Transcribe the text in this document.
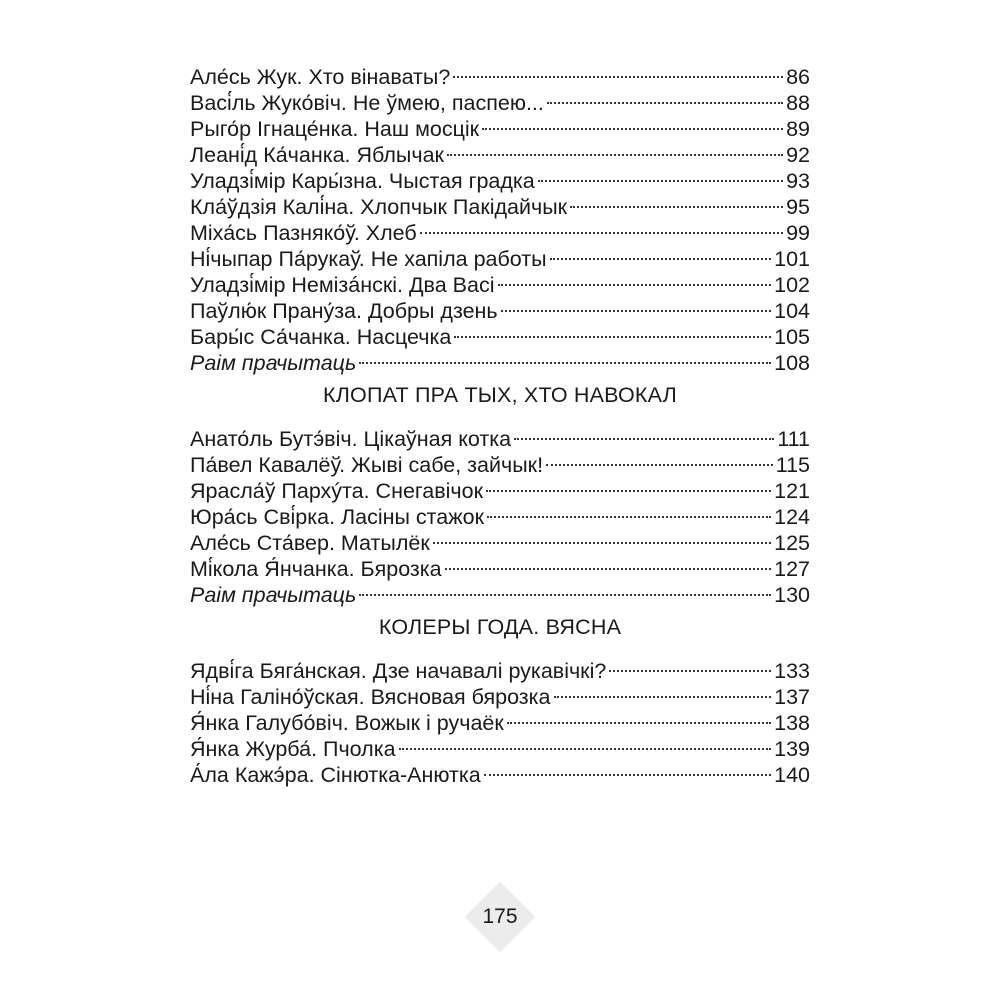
Але́сь Жук. Хто вінаваты?	86
Васі́ль Жуко́віч. Не ўмею, паспею...	88
Рыго́р Ігнаце́нка. Наш мосцік	89
Леані́д Ка́чанка. Яблычак	92
Уладзі́мір Кары́зна. Чыстая градка	93
Кла́ўдзія Калі́на. Хлопчык Пакідайчык	95
Міха́сь Пазняко́ў. Хлеб	99
Ні́чыпар Па́рукаў. Не хапіла работы	101
Уладзі́мір Немізáнскі. Два Васі	102
Паўлю́к Прану́за. Добры дзень	104
Бары́с Са́чанка. Насцечка	105
Раім прачытаць	108
КЛОПАТ ПРА ТЫХ, ХТО НАВОКАЛ
Анато́ль Бутэ́віч. Цікаўная котка	111
Па́вел Кавалёў. Жыві сабе, зайчык!	115
Ярасла́ў Пархýта. Снегавічок	121
Юра́сь Сві́рка. Ласіны стажок	124
Але́сь Ста́вер. Матылёк	125
Мі́кола Я́нчанка. Бярозка	127
Раім прачытаць	130
КОЛЕРЫ ГОДА. ВЯСНА
Ядві́га Бяга́нская. Дзе начавалі рукавічкі?	133
Ні́на Галіно́ўская. Вясновая бярозка	137
Я́нка Галубо́віч. Вожык і ручаёк	138
Я́нка Журба́. Пчолка	139
А́ла Кажэ́ра. Сінютка-Анютка	140
175
